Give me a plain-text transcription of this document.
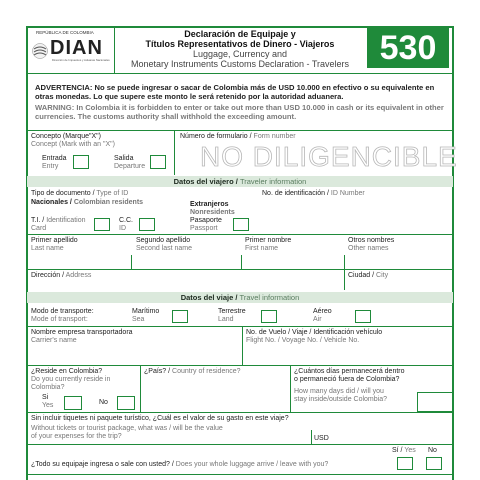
REPÚBLICA DE COLOMBIA
DIAN
Dirección de Impuestos y Aduanas Nacionales
Declaración de Equipaje y
Títulos Representativos de Dinero - Viajeros
Luggage, Currency and
Monetary Instruments Customs Declaration - Travelers 530
ADVERTENCIA: No se puede ingresar o sacar de Colombia más de USD 10.000 en efectivo o su equivalente en otras monedas. Lo que supere este monto le será retenido por la autoridad aduanera.
WARNING: In Colombia it is forbidden to enter or take out more than USD 10.000 in cash or its equivalent in other currencies. The customs authority shall withhold the exceeding amount.
Concepto (Marque"X")
Concept (Mark with an "X")
Entrada
Entry
Salida
Departure
Número de formulario / Form number
NO DILIGENCIBLE
Datos del viajero / Traveler information
Tipo de documento / Type of ID
Nacionales / Colombian residents
No. de identificación / ID Number
Extranjeros
Nonresidents
T.I. / Identification
Card
C.C.
ID
Pasaporte
Passport
Primer apellido
Last name
Segundo apellido
Second last name
Primer nombre
First name
Otros nombres
Other names
Dirección / Address	Ciudad / City
Datos del viaje / Travel information
Modo de transporte:
Mode of transport:
Marítimo
Sea
Terrestre
Land
Aéreo
Air
Nombre empresa transportadora
Carrier's name
No. de Vuelo / Viaje / Identificación vehículo
Flight No. / Voyage No. / Vehicle No.
¿Reside en Colombia?
Do you currently reside in
Colombia?
Si
Yes	No
¿País? / Country of residence?	¿Cuántos días permanecerá dentro
o permaneció fuera de Colombia?
How many days did / will you
stay inside/outside Colombia?
Sin incluir tiquetes ni paquete turístico, ¿Cuál es el valor de su gasto en este viaje?
Without tickets or tourist package, what was / will be the value
of your expenses for the trip?	USD
Sí / Yes No
¿Todo su equipaje ingresa o sale con usted? / Does your whole luggage arrive / leave with you?
